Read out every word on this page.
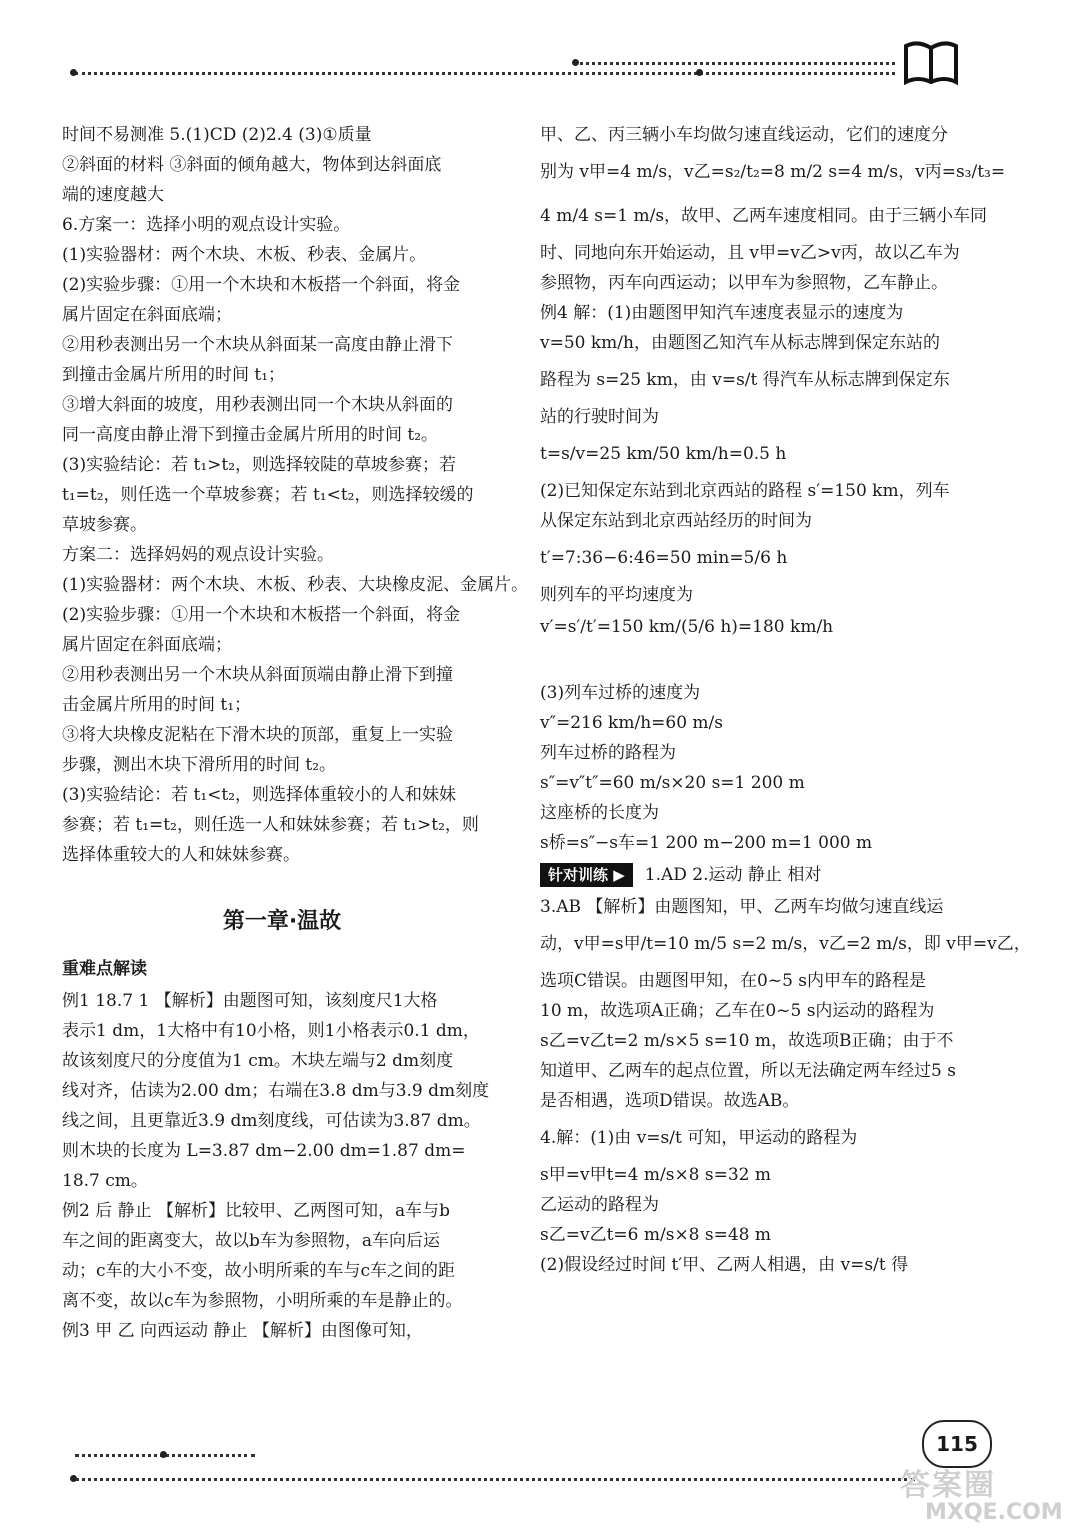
时间不易测准 5.(1)CD (2)2.4 (3)①质量
②斜面的材料 ③斜面的倾角越大，物体到达斜面底
端的速度越大
6.方案一：选择小明的观点设计实验。
(1)实验器材：两个木块、木板、秒表、金属片。
(2)实验步骤：①用一个木块和木板搭一个斜面，将金
属片固定在斜面底端；
②用秒表测出另一个木块从斜面某一高度由静止滑下
到撞击金属片所用的时间 t₁；
③增大斜面的坡度，用秒表测出同一个木块从斜面的
同一高度由静止滑下到撞击金属片所用的时间 t₂。
(3)实验结论：若 t₁>t₂，则选择较陡的草坡参赛；若
t₁=t₂，则任选一个草坡参赛；若 t₁<t₂，则选择较缓的
草坡参赛。
方案二：选择妈妈的观点设计实验。
(1)实验器材：两个木块、木板、秒表、大块橡皮泥、金属片。
(2)实验步骤：①用一个木块和木板搭一个斜面，将金
属片固定在斜面底端；
②用秒表测出另一个木块从斜面顶端由静止滑下到撞
击金属片所用的时间 t₁；
③将大块橡皮泥粘在下滑木块的顶部，重复上一实验
步骤，测出木块下滑所用的时间 t₂。
(3)实验结论：若 t₁<t₂，则选择体重较小的人和妹妹
参赛；若 t₁=t₂，则任选一人和妹妹参赛；若 t₁>t₂，则
选择体重较大的人和妹妹参赛。
第一章·温故
重难点解读
例1 18.7 1 【解析】由题图可知，该刻度尺1大格
表示1 dm，1大格中有10小格，则1小格表示0.1 dm，
故该刻度尺的分度值为1 cm。木块左端与2 dm刻度
线对齐，估读为2.00 dm；右端在3.8 dm与3.9 dm刻度
线之间，且更靠近3.9 dm刻度线，可估读为3.87 dm。
则木块的长度为 L=3.87 dm−2.00 dm=1.87 dm=
18.7 cm。
例2 后 静止 【解析】比较甲、乙两图可知，a车与b
车之间的距离变大，故以b车为参照物，a车向后运
动；c车的大小不变，故小明所乘的车与c车之间的距
离不变，故以c车为参照物，小明所乘的车是静止的。
例3 甲 乙 向西运动 静止 【解析】由图像可知，
甲、乙、丙三辆小车均做匀速直线运动，它们的速度分
别为 v甲=4 m/s，v乙=s₂/t₂=8 m/2 s=4 m/s，v丙=s₃/t₃=
4 m/4 s=1 m/s，故甲、乙两车速度相同。由于三辆小车同
时、同地向东开始运动，且 v甲=v乙>v丙，故以乙车为
参照物，丙车向西运动；以甲车为参照物，乙车静止。
例4 解：(1)由题图甲知汽车速度表显示的速度为
v=50 km/h，由题图乙知汽车从标志牌到保定东站的
路程为 s=25 km，由 v=s/t 得汽车从标志牌到保定东
站的行驶时间为
t=s/v=25 km/50 km/h=0.5 h
(2)已知保定东站到北京西站的路程 s′=150 km，列车
从保定东站到北京西站经历的时间为
t′=7:36−6:46=50 min=5/6 h
则列车的平均速度为
v′=s′/t′=150 km/(5/6 h)=180 km/h
(3)列车过桥的速度为
v″=216 km/h=60 m/s
列车过桥的路程为
s″=v″t″=60 m/s×20 s=1 200 m
这座桥的长度为
s桥=s″−s车=1 200 m−200 m=1 000 m
针对训练 ▶ 1.AD 2.运动 静止 相对
3.AB 【解析】由题图知，甲、乙两车均做匀速直线运
动，v甲=s甲/t=10 m/5 s=2 m/s，v乙=2 m/s，即 v甲=v乙，
选项C错误。由题图甲知，在0~5 s内甲车的路程是
10 m，故选项A正确；乙车在0~5 s内运动的路程为
s乙=v乙t=2 m/s×5 s=10 m，故选项B正确；由于不
知道甲、乙两车的起点位置，所以无法确定两车经过5 s
是否相遇，选项D错误。故选AB。
4.解：(1)由 v=s/t 可知，甲运动的路程为
s甲=v甲t=4 m/s×8 s=32 m
乙运动的路程为
s乙=v乙t=6 m/s×8 s=48 m
(2)假设经过时间 t′甲、乙两人相遇，由 v=s/t 得
115
答案圈
MXQE.COM
